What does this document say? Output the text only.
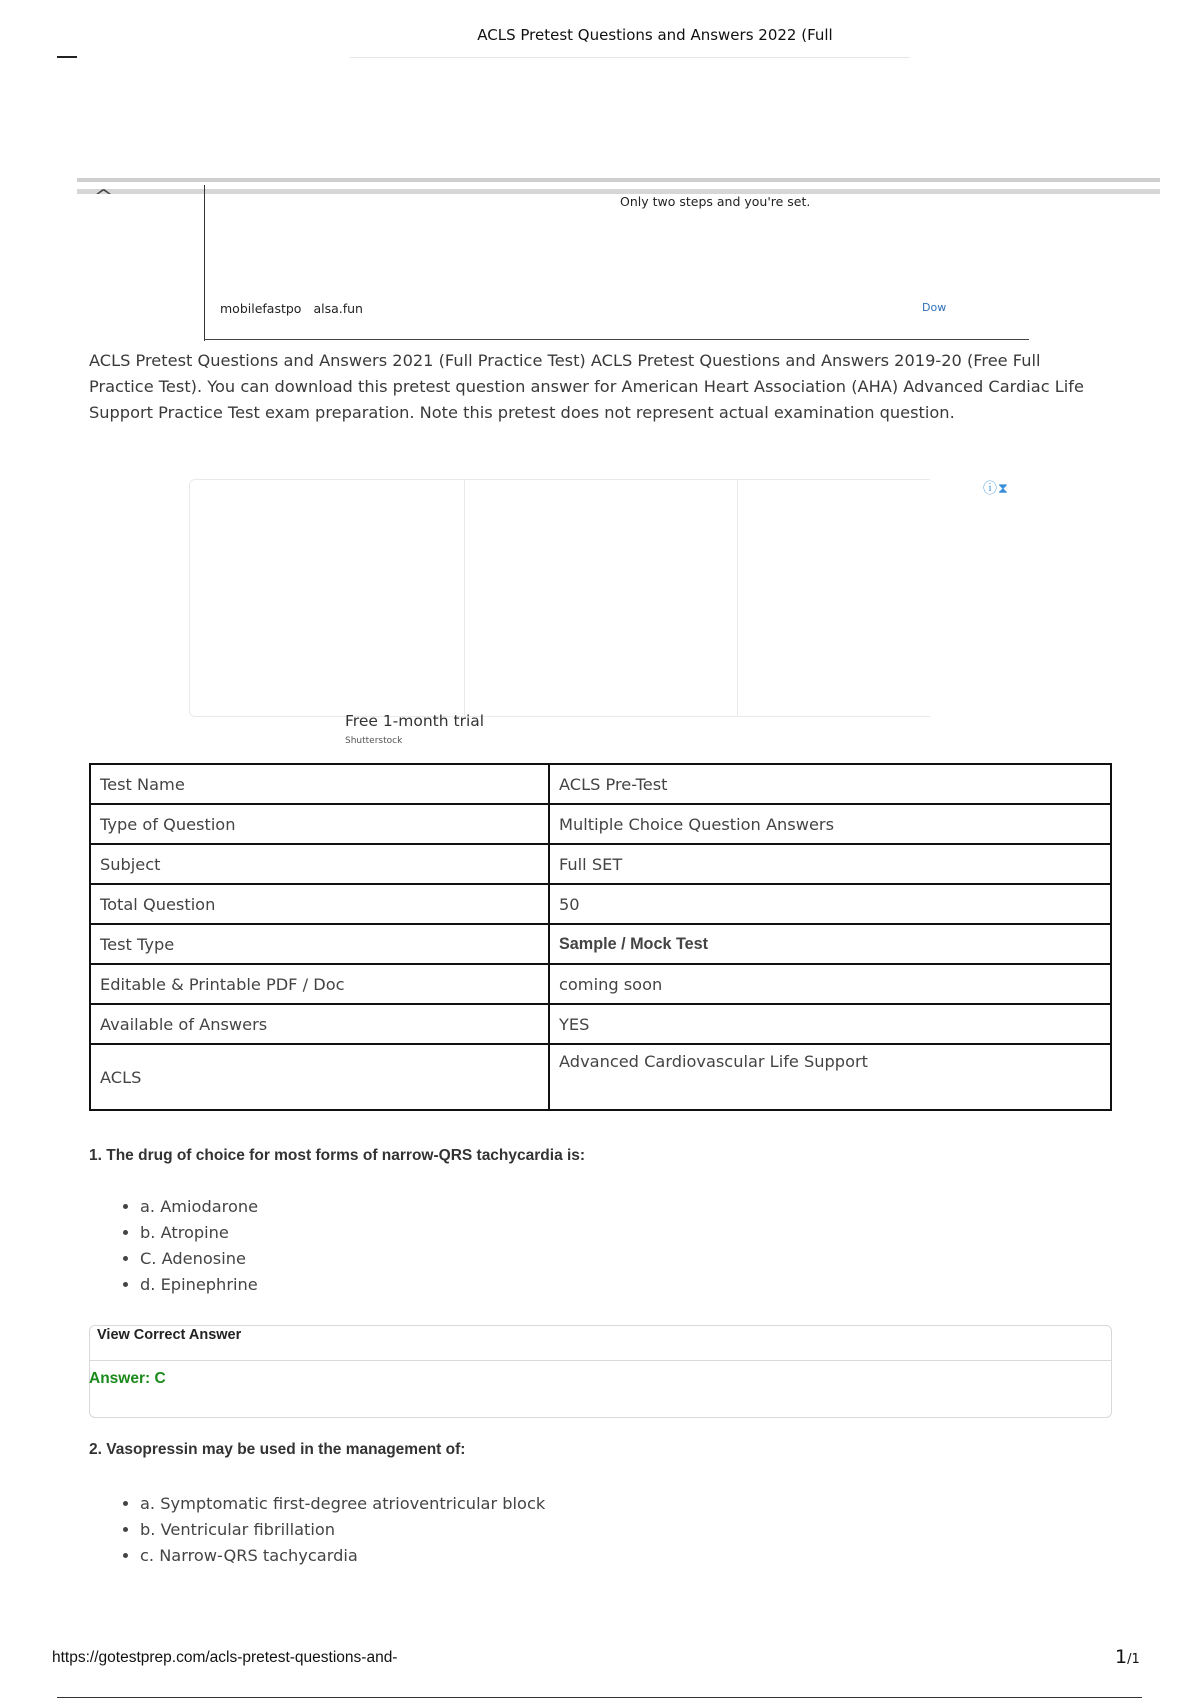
ACLS Pretest Questions and Answers 2022 (Full
^	Only two steps and you're set.
mobilefastpo alsa.fun	Dow
ACLS Pretest Questions and Answers 2021 (Full Practice Test) ACLS Pretest Questions and Answers 2019-20 (Free Full Practice Test). You can download this pretest question answer for American Heart Association (AHA) Advanced Cardiac Life Support Practice Test exam preparation. Note this pretest does not represent actual examination question.
ⓘ⧗
Free 1-month trial
Shutterstock
Test Name	ACLS Pre-Test
Type of Question	Multiple Choice Question Answers
Subject	Full SET
Total Question	50
Test Type	Sample / Mock Test
Editable & Printable PDF / Doc	coming soon
Available of Answers	YES
ACLS	Advanced Cardiovascular Life Support
1. The drug of choice for most forms of narrow-QRS tachycardia is:
• a. Amiodarone
• b. Atropine
• C. Adenosine
• d. Epinephrine
View Correct Answer
Answer: C
2. Vasopressin may be used in the management of:
• a. Symptomatic first-degree atrioventricular block
• b. Ventricular fibrillation
• c. Narrow-QRS tachycardia
https://gotestprep.com/acls-pretest-questions-and-	1/1
